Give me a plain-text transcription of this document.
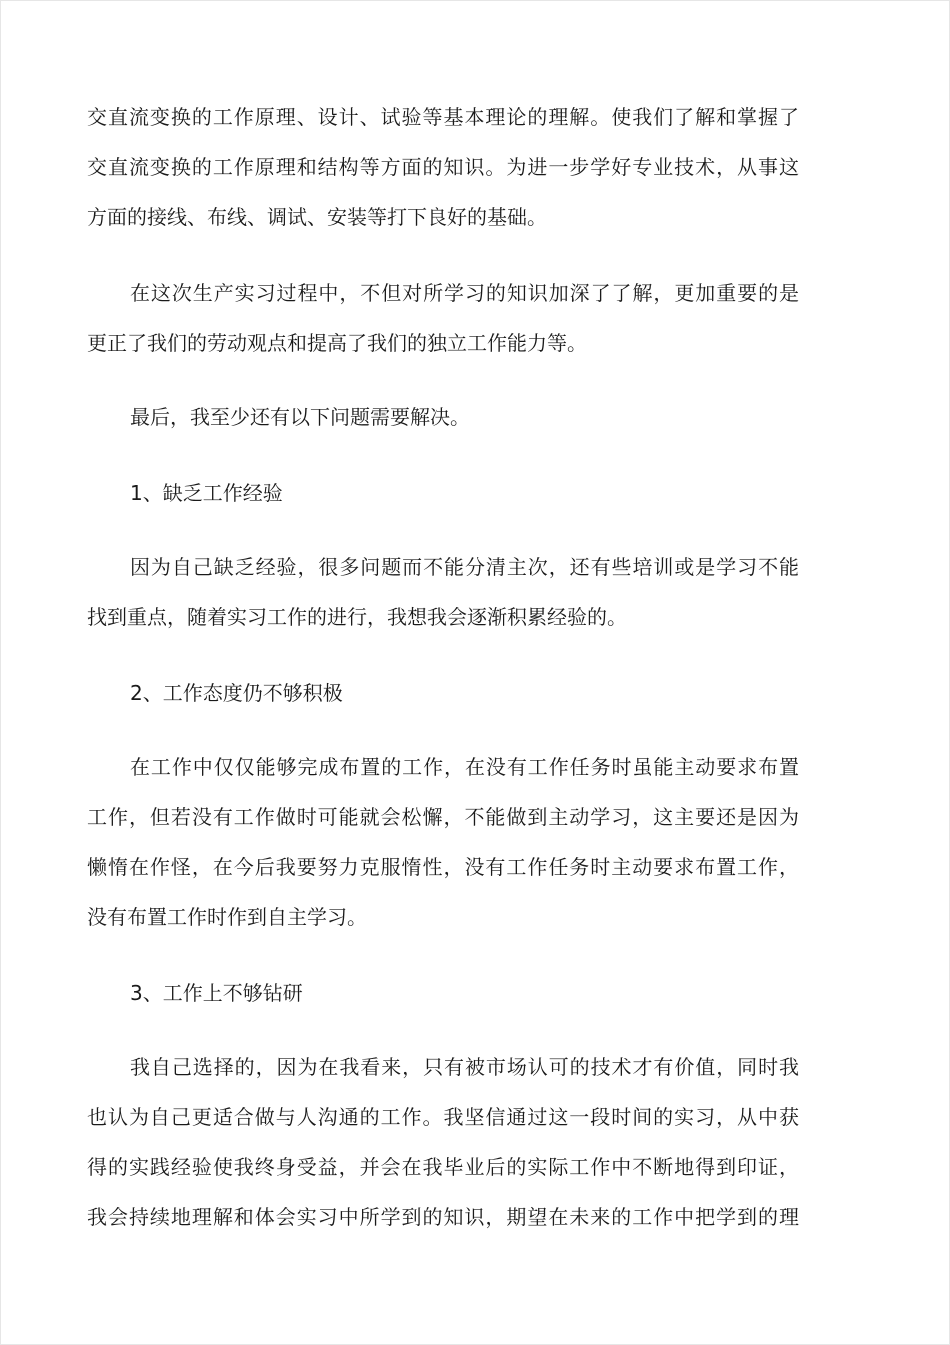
交直流变换的工作原理、设计、试验等基本理论的理解。使我们了解和掌握了
交直流变换的工作原理和结构等方面的知识。为进一步学好专业技术，从事这
方面的接线、布线、调试、安装等打下良好的基础。
在这次生产实习过程中，不但对所学习的知识加深了了解，更加重要的是
更正了我们的劳动观点和提高了我们的独立工作能力等。
最后，我至少还有以下问题需要解决。
1、缺乏工作经验
因为自己缺乏经验，很多问题而不能分清主次，还有些培训或是学习不能
找到重点，随着实习工作的进行，我想我会逐渐积累经验的。
2、工作态度仍不够积极
在工作中仅仅能够完成布置的工作，在没有工作任务时虽能主动要求布置
工作，但若没有工作做时可能就会松懈，不能做到主动学习，这主要还是因为
懒惰在作怪，在今后我要努力克服惰性，没有工作任务时主动要求布置工作，
没有布置工作时作到自主学习。
3、工作上不够钻研
我自己选择的，因为在我看来，只有被市场认可的技术才有价值，同时我
也认为自己更适合做与人沟通的工作。我坚信通过这一段时间的实习，从中获
得的实践经验使我终身受益，并会在我毕业后的实际工作中不断地得到印证，
我会持续地理解和体会实习中所学到的知识，期望在未来的工作中把学到的理
